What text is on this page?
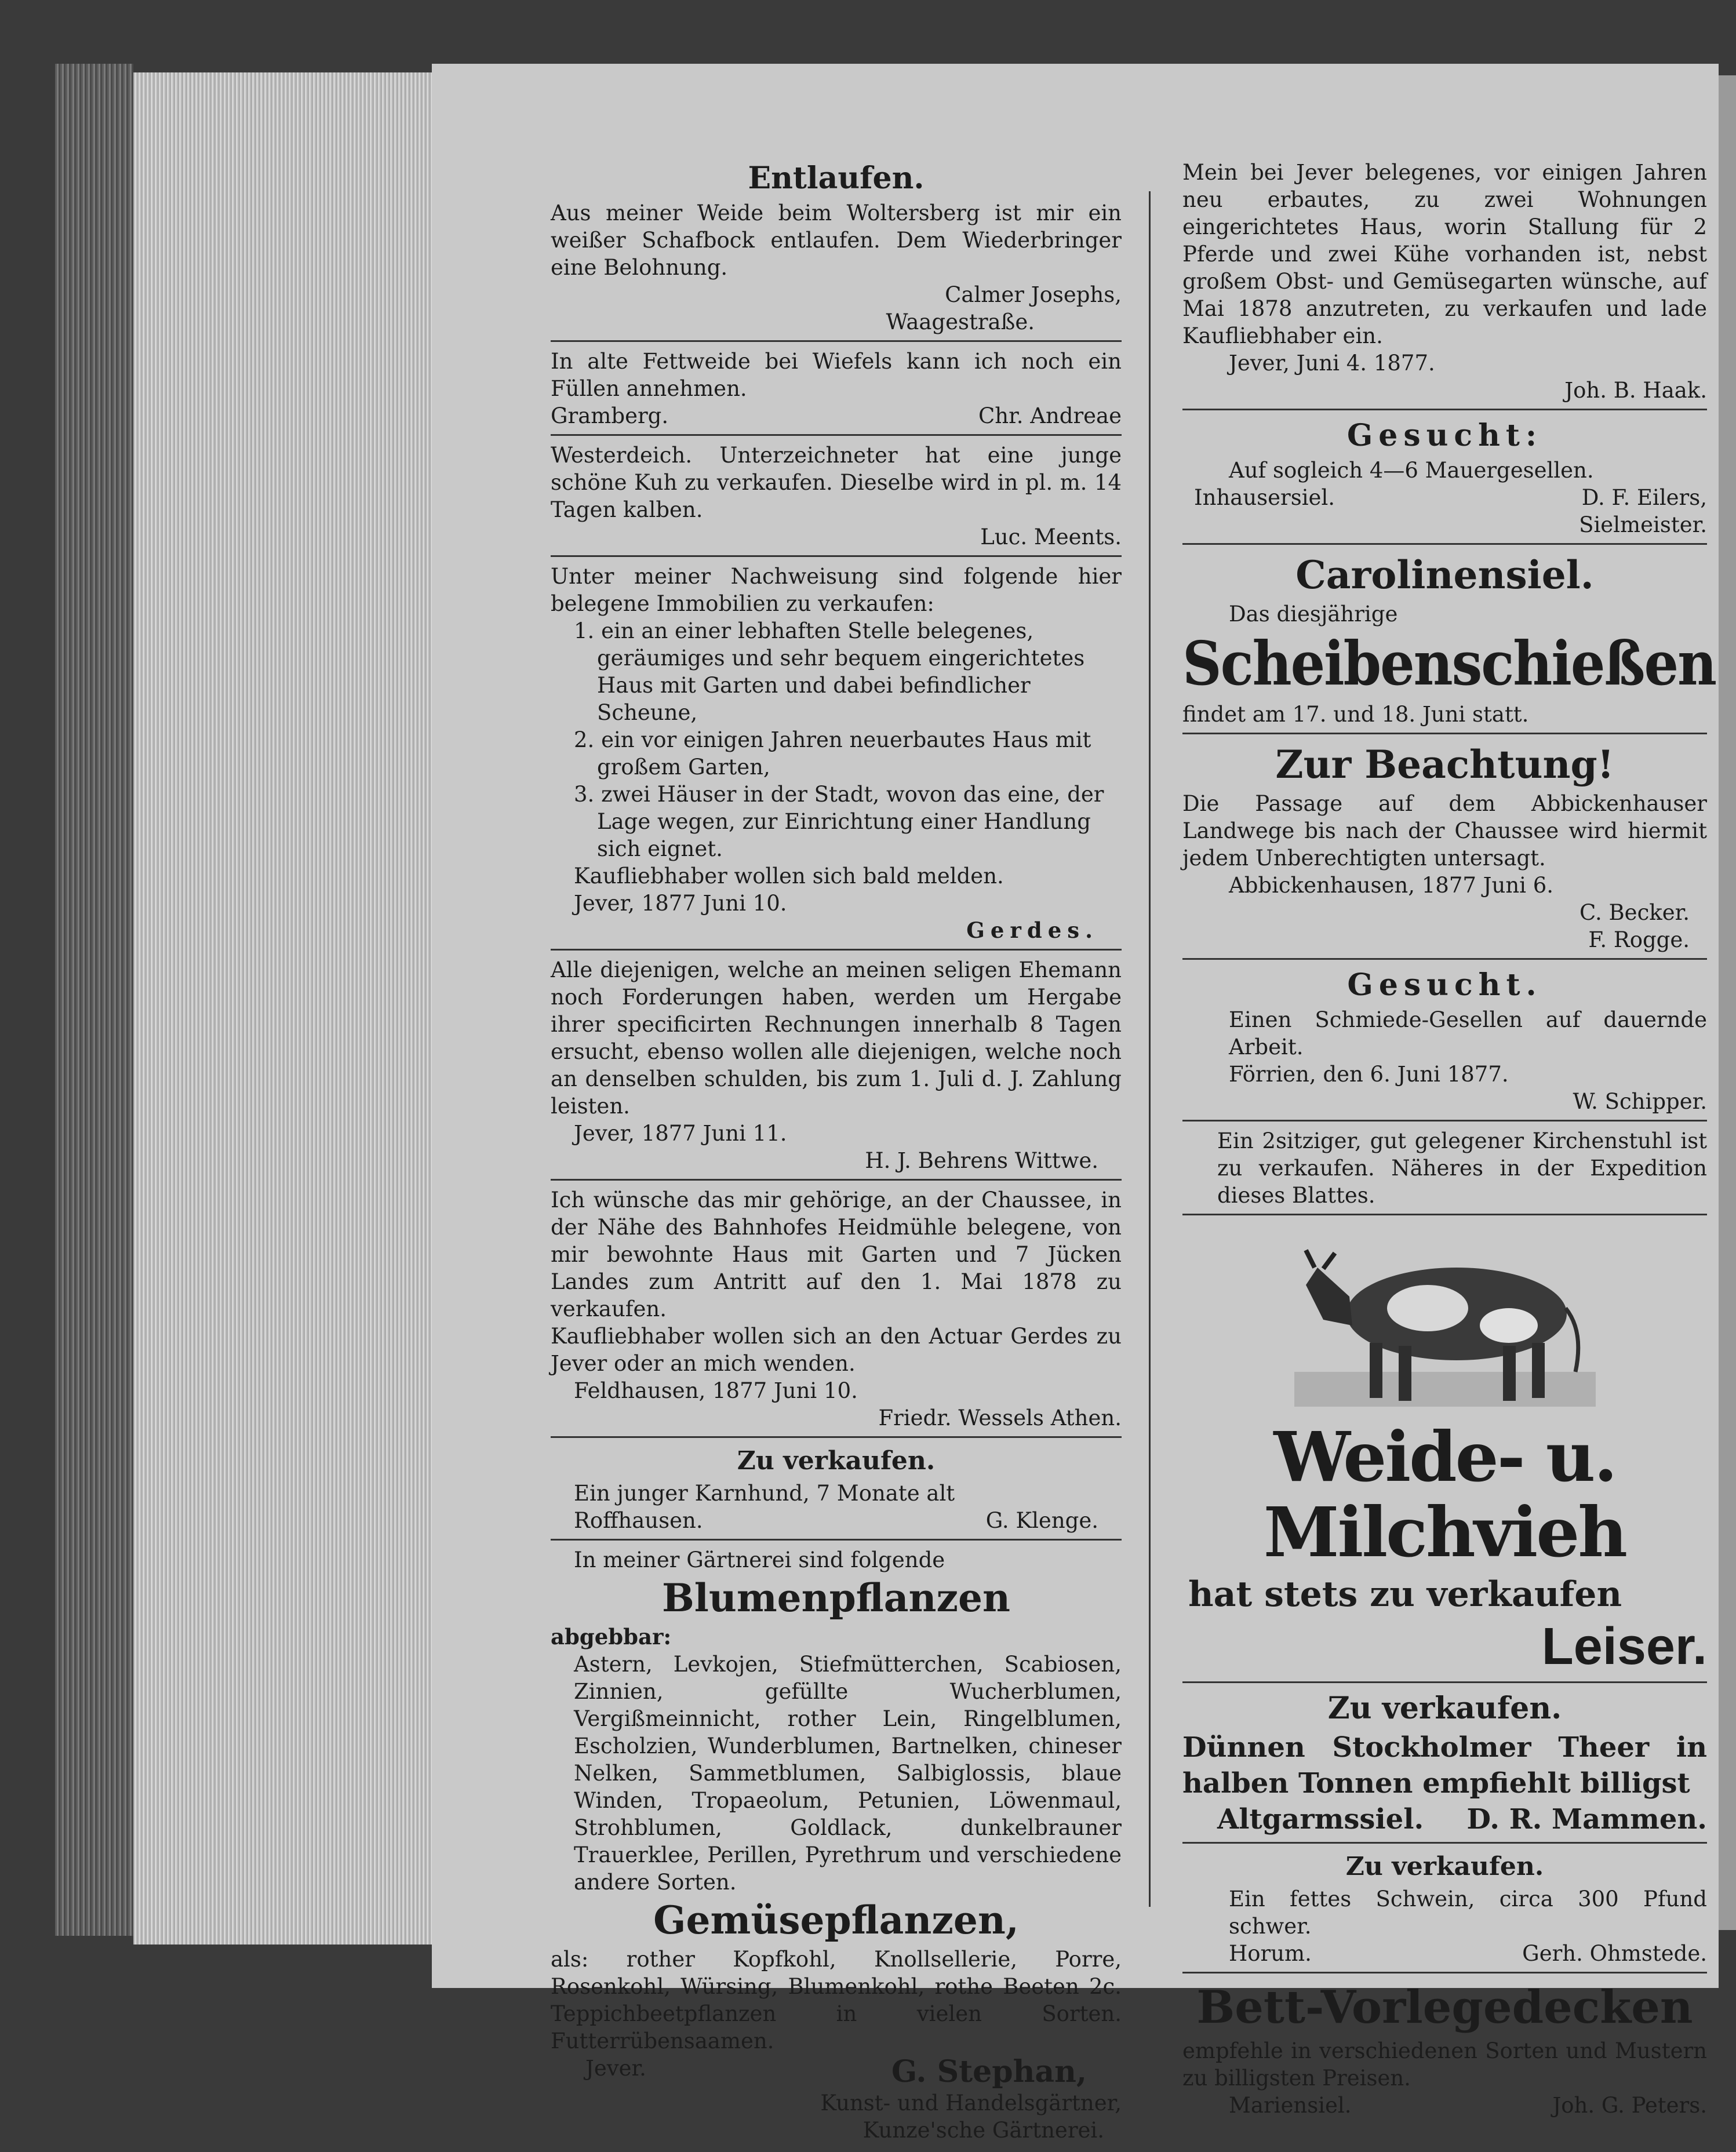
Entlaufen.

Aus meiner Weide beim Woltersberg ist mir ein weißer Schafbock entlaufen. Dem Wiederbringer eine Belohnung.

Calmer Josephs,

Waagestraße.

In alte Fettweide bei Wiefels kann ich noch ein Füllen annehmen.

Gramberg.	Chr. Andreae

Westerdeich. Unterzeichneter hat eine junge schöne Kuh zu verkaufen. Dieselbe wird in pl. m. 14 Tagen kalben.

Luc. Meents.

Unter meiner Nachweisung sind folgende hier belegene Immobilien zu verkaufen:

1. ein an einer lebhaften Stelle belegenes, geräumiges und sehr bequem eingerichtetes Haus mit Garten und dabei befindlicher Scheune,

2. ein vor einigen Jahren neuerbautes Haus mit großem Garten,

3. zwei Häuser in der Stadt, wovon das eine, der Lage wegen, zur Einrichtung einer Handlung sich eignet.

Kaufliebhaber wollen sich bald melden.

Jever, 1877 Juni 10.

Gerdes.

Alle diejenigen, welche an meinen seligen Ehemann noch Forderungen haben, werden um Hergabe ihrer specificirten Rechnungen innerhalb 8 Tagen ersucht, ebenso wollen alle diejenigen, welche noch an denselben schulden, bis zum 1. Juli d. J. Zahlung leisten.

Jever, 1877 Juni 11.

H. J. Behrens Wittwe.

Ich wünsche das mir gehörige, an der Chaussee, in der Nähe des Bahnhofes Heidmühle belegene, von mir bewohnte Haus mit Garten und 7 Jücken Landes zum Antritt auf den 1. Mai 1878 zu verkaufen.

Kaufliebhaber wollen sich an den Actuar Gerdes zu Jever oder an mich wenden.

Feldhausen, 1877 Juni 10.

Friedr. Wessels Athen.

Zu verkaufen.

Ein junger Karnhund, 7 Monate alt

Roffhausen.	G. Klenge.

In meiner Gärtnerei sind folgende

Blumenpflanzen

abgebbar:

Astern, Levkojen, Stiefmütterchen, Scabiosen, Zinnien, gefüllte Wucherblumen, Vergißmeinnicht, rother Lein, Ringelblumen, Escholzien, Wunderblumen, Bartnelken, chineser Nelken, Sammetblumen, Salbiglossis, blaue Winden, Tropaeolum, Petunien, Löwenmaul, Strohblumen, Goldlack, dunkelbrauner Trauerklee, Perillen, Pyrethrum und verschiedene andere Sorten.

Gemüsepflanzen,

als: rother Kopfkohl, Knollsellerie, Porre, Rosenkohl, Würsing, Blumenkohl, rothe Beeten 2c. Teppichbeetpflanzen in vielen Sorten. Futterrübensaamen.

Jever.	G. Stephan,

Kunst- und Handelsgärtner,

Kunze'sche Gärtnerei.

Mein bei Jever belegenes, vor einigen Jahren neu erbautes, zu zwei Wohnungen eingerichtetes Haus, worin Stallung für 2 Pferde und zwei Kühe vorhanden ist, nebst großem Obst- und Gemüsegarten wünsche, auf Mai 1878 anzutreten, zu verkaufen und lade Kaufliebhaber ein.

Jever, Juni 4. 1877.

Joh. B. Haak.

Gesucht:

Auf sogleich 4—6 Mauergesellen.

Inhausersiel.	D. F. Eilers,

Sielmeister.

Carolinensiel.

Das diesjährige

Scheibenschießen

findet am 17. und 18. Juni statt.

Zur Beachtung!

Die Passage auf dem Abbickenhauser Landwege bis nach der Chaussee wird hiermit jedem Unberechtigten untersagt.

Abbickenhausen, 1877 Juni 6.

C. Becker.

F. Rogge.

Gesucht.

Einen Schmiede-Gesellen auf dauernde Arbeit.

Förrien, den 6. Juni 1877.

W. Schipper.

Ein 2sitziger, gut gelegener Kirchenstuhl ist zu verkaufen. Näheres in der Expedition dieses Blattes.

Weide- u. Milchvieh

hat stets zu verkaufen

Leiser.

Zu verkaufen.

Dünnen Stockholmer Theer in halben Tonnen empfiehlt billigst

Altgarmssiel. D. R. Mammen.
Zu verkaufen.

Ein fettes Schwein, circa 300 Pfund schwer.

Horum.	Gerh. Ohmstede.
Bett-Vorlegedecken

empfehle in verschiedenen Sorten und Mustern zu billigsten Preisen.

Mariensiel.	Joh. G. Peters.
